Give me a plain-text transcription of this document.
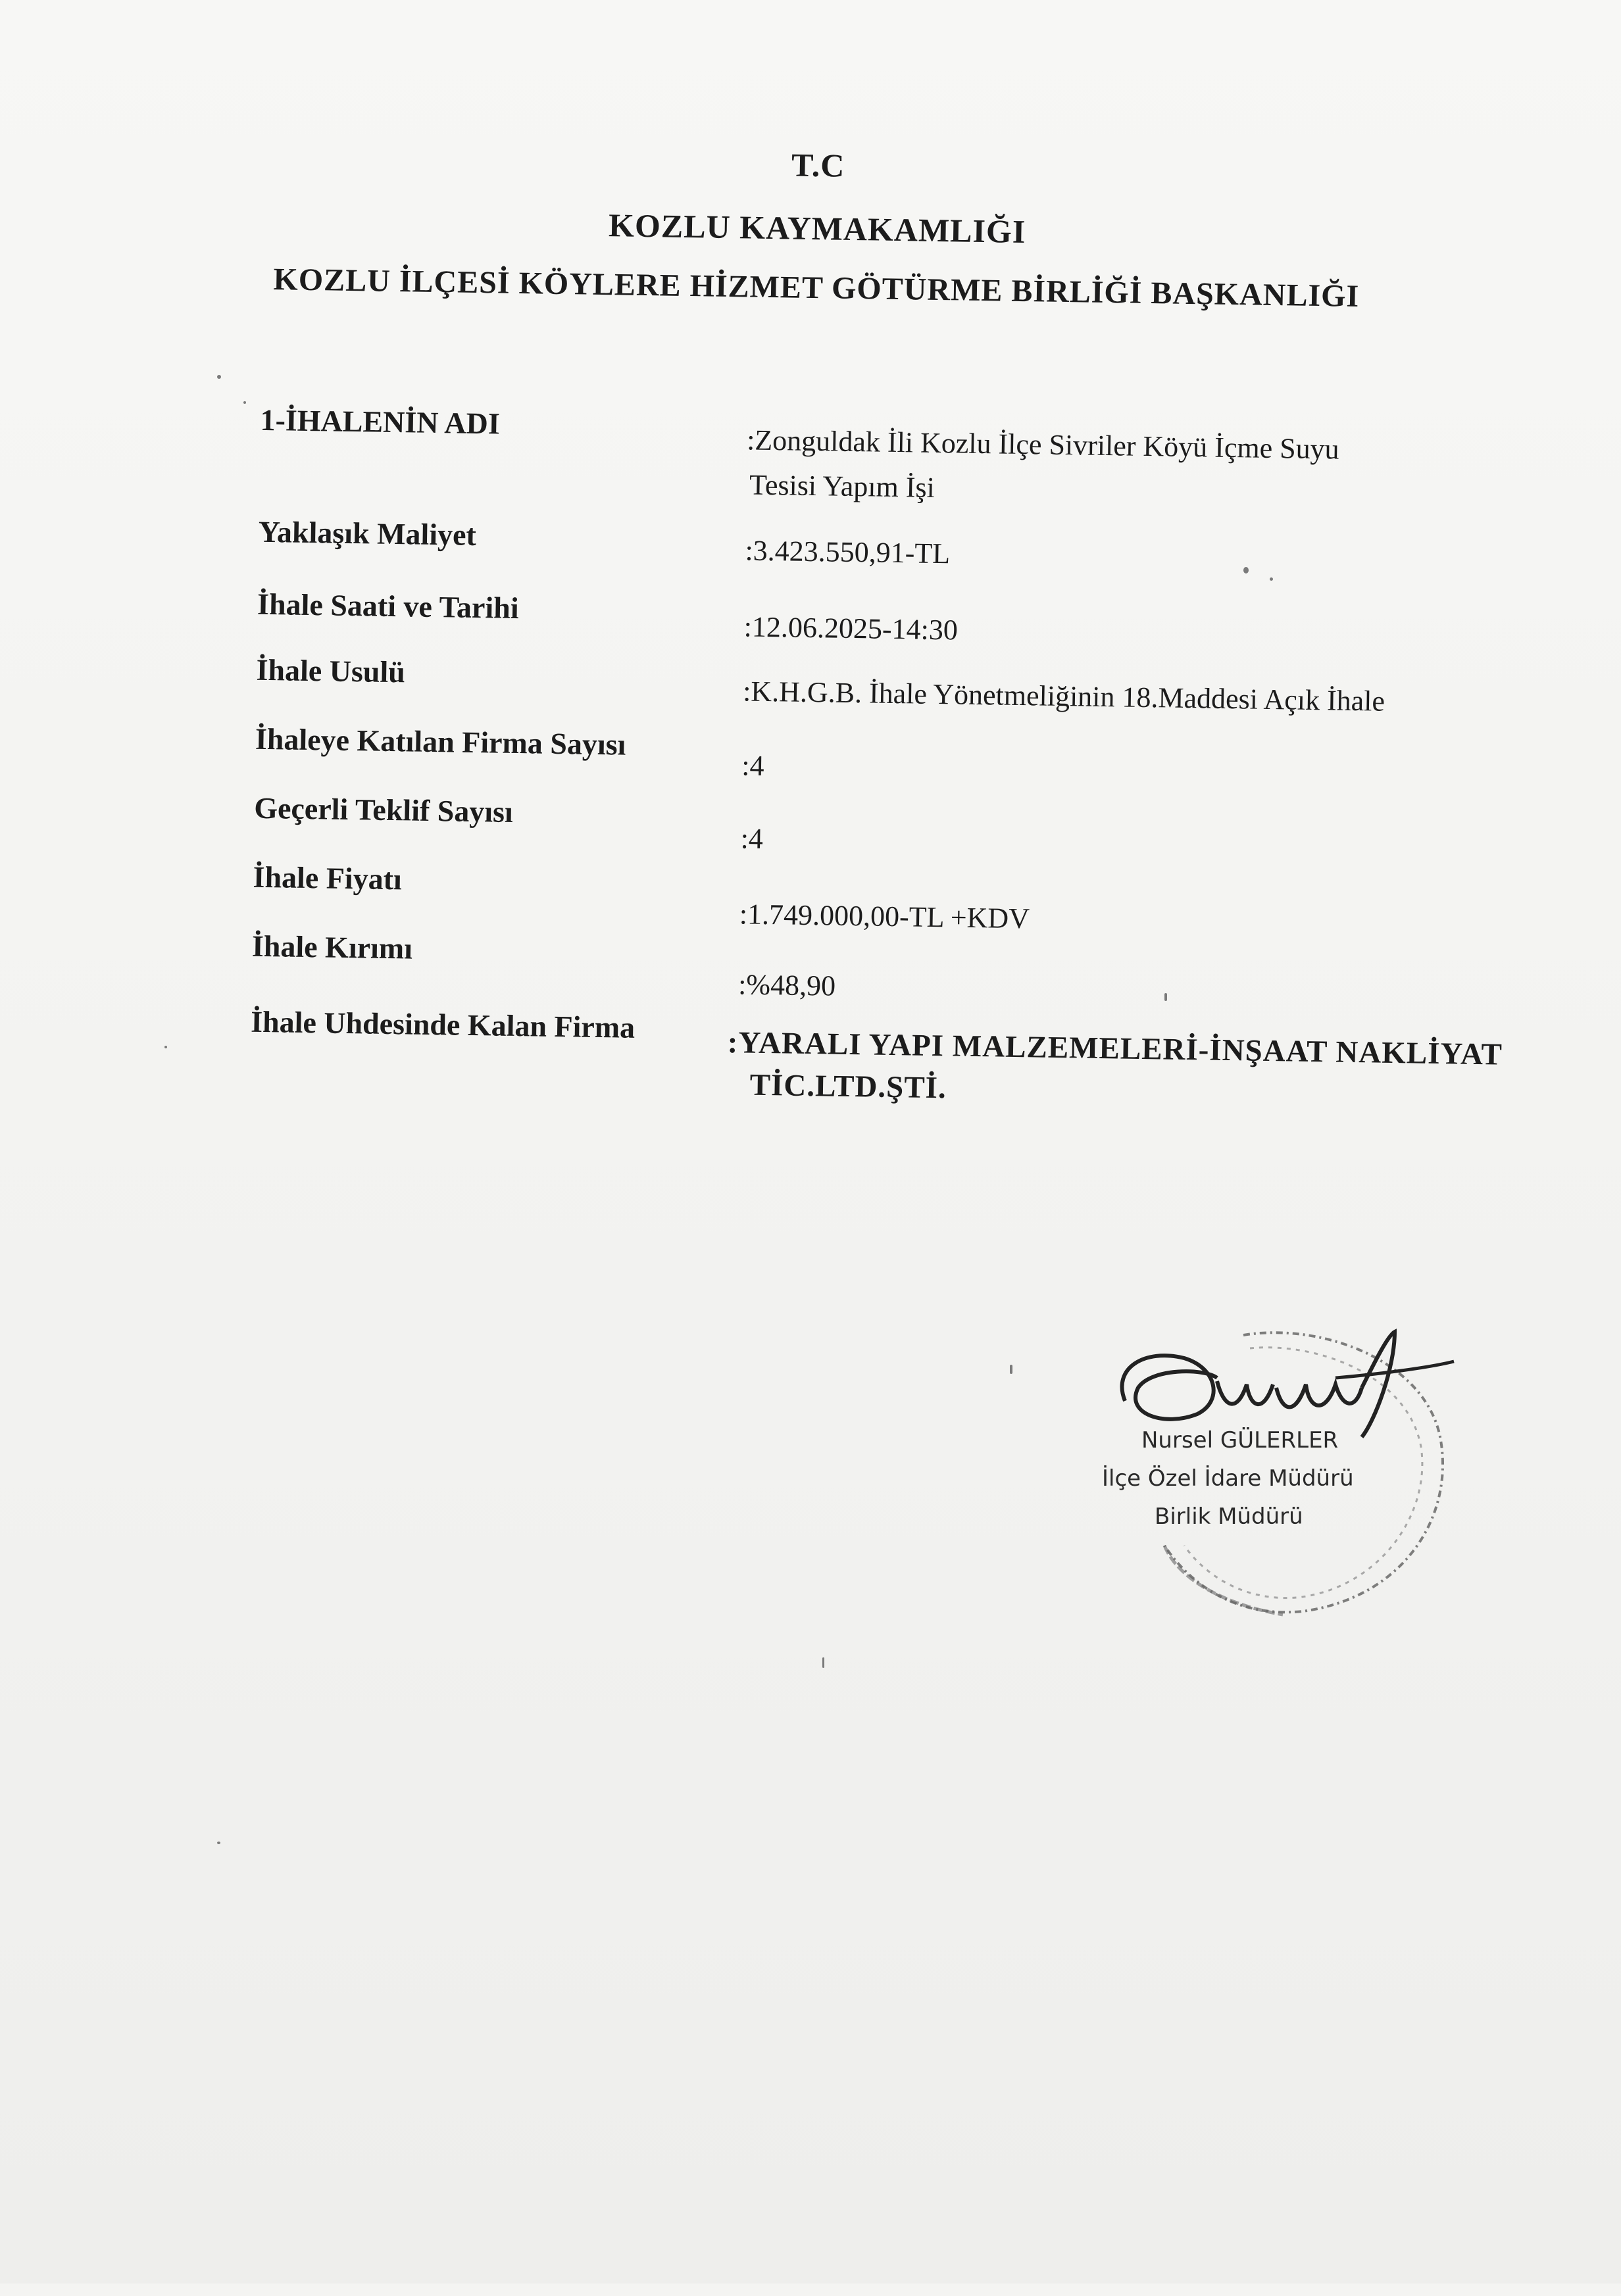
T.C
KOZLU KAYMAKAMLIĞI
KOZLU İLÇESİ KÖYLERE HİZMET GÖTÜRME BİRLİĞİ BAŞKANLIĞI
1-İHALENİN ADI
:Zonguldak İli Kozlu İlçe Sivriler Köyü İçme Suyu
Tesisi Yapım İşi
Yaklaşık Maliyet
:3.423.550,91-TL
İhale Saati ve Tarihi
:12.06.2025-14:30
İhale Usulü
:K.H.G.B. İhale Yönetmeliğinin 18.Maddesi Açık İhale
İhaleye Katılan Firma Sayısı
:4
Geçerli Teklif Sayısı
:4
İhale Fiyatı
:1.749.000,00-TL +KDV
İhale Kırımı
:%48,90
İhale Uhdesinde Kalan Firma
:YARALI YAPI MALZEMELERİ-İNŞAAT NAKLİYAT
TİC.LTD.ŞTİ.
Nursel GÜLERLER
İlçe Özel İdare Müdürü
Birlik Müdürü
